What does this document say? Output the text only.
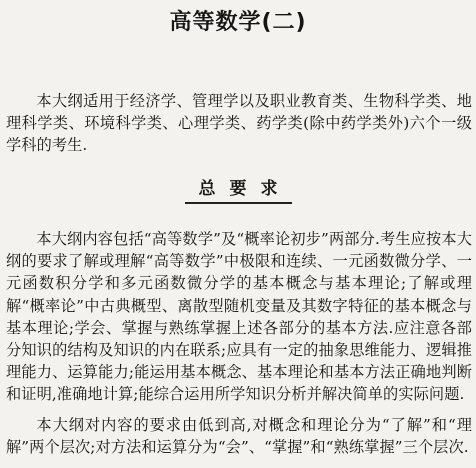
高等数学(二)
本大纲适用于经济学、管理学以及职业教育类、生物科学类、地理科学类、环境科学类、心理学类、药学类(除中药学类外)六个一级学科的考生.
总要求
本大纲内容包括“高等数学”及“概率论初步”两部分.考生应按本大纲的要求了解或理解“高等数学”中极限和连续、一元函数微分学、一元函数积分学和多元函数微分学的基本概念与基本理论;了解或理解“概率论”中古典概型、离散型随机变量及其数字特征的基本概念与基本理论;学会、掌握与熟练掌握上述各部分的基本方法.应注意各部分知识的结构及知识的内在联系;应具有一定的抽象思维能力、逻辑推理能力、运算能力;能运用基本概念、基本理论和基本方法正确地判断和证明,准确地计算;能综合运用所学知识分析并解决简单的实际问题.
本大纲对内容的要求由低到高,对概念和理论分为“了解”和“理解”两个层次;对方法和运算分为“会”、“掌握”和“熟练掌握”三个层次.
